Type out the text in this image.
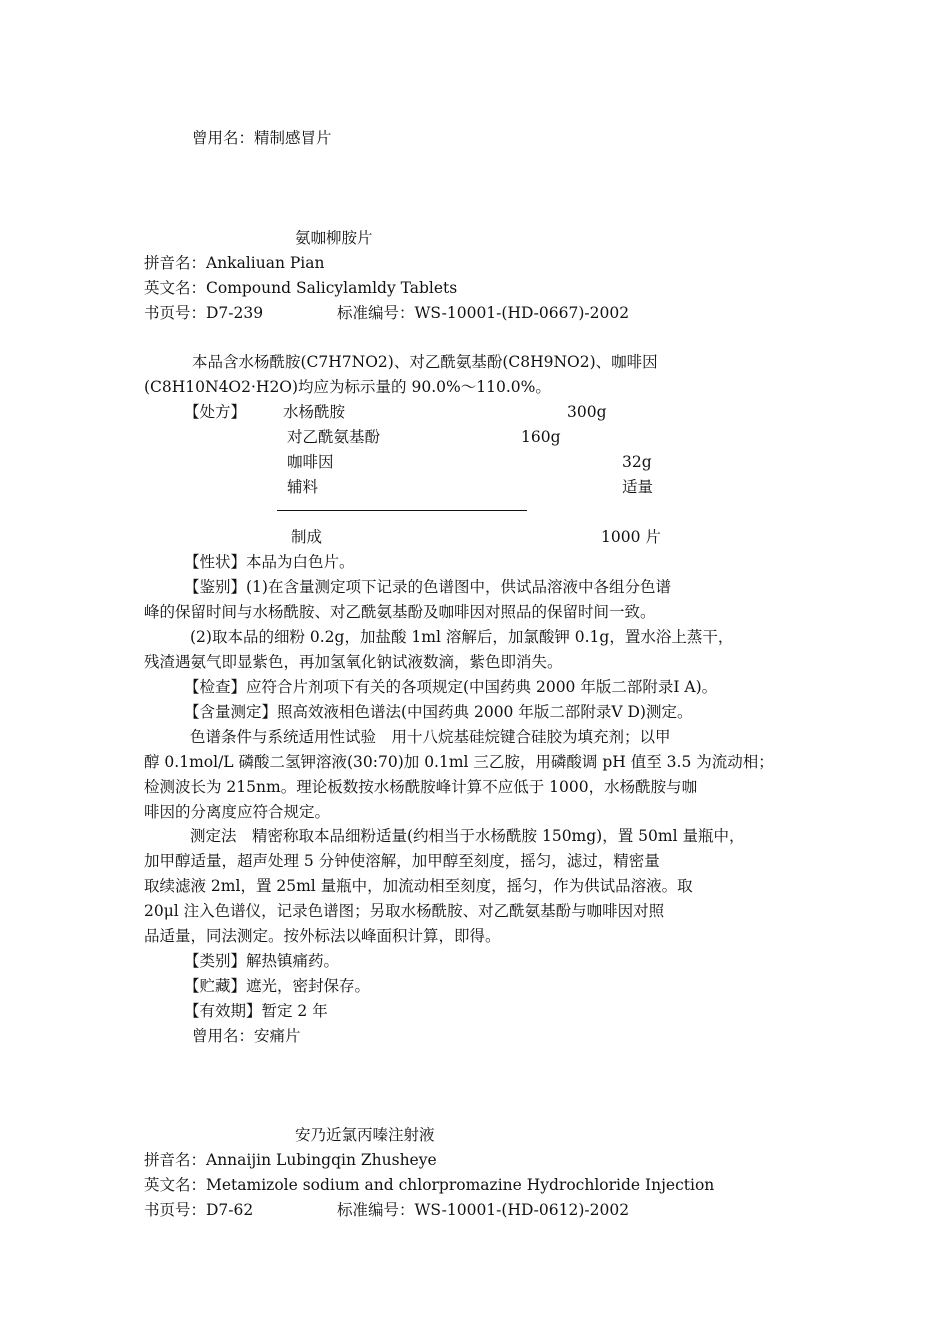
曾用名：精制感冒片
氨咖柳胺片
拼音名：Ankaliuan Pian
英文名：Compound Salicylamldy Tablets
书页号：D7-239	标准编号：WS-10001-(HD-0667)-2002
本品含水杨酰胺(C7H7NO2)、对乙酰氨基酚(C8H9NO2)、咖啡因
(C8H10N4O2·H2O)均应为标示量的 90.0%～110.0%。
【处方】 水杨酰胺	300g
对乙酰氨基酚	160g
咖啡因	32g
辅料	适量
制成	1000 片
【性状】本品为白色片。
【鉴别】(1)在含量测定项下记录的色谱图中，供试品溶液中各组分色谱
峰的保留时间与水杨酰胺、对乙酰氨基酚及咖啡因对照品的保留时间一致。
(2)取本品的细粉 0.2g，加盐酸 1ml 溶解后，加氯酸钾 0.1g，置水浴上蒸干，
残渣遇氨气即显紫色，再加氢氧化钠试液数滴，紫色即消失。
【检查】应符合片剂项下有关的各项规定(中国药典 2000 年版二部附录Ⅰ A)。
【含量测定】照高效液相色谱法(中国药典 2000 年版二部附录Ⅴ D)测定。
色谱条件与系统适用性试验　用十八烷基硅烷键合硅胶为填充剂；以甲
醇 0.1mol/L 磷酸二氢钾溶液(30:70)加 0.1ml 三乙胺，用磷酸调 pH 值至 3.5 为流动相；
检测波长为 215nm。理论板数按水杨酰胺峰计算不应低于 1000，水杨酰胺与咖
啡因的分离度应符合规定。
测定法　精密称取本品细粉适量(约相当于水杨酰胺 150mg)，置 50ml 量瓶中，
加甲醇适量，超声处理 5 分钟使溶解，加甲醇至刻度，摇匀，滤过，精密量
取续滤液 2ml，置 25ml 量瓶中，加流动相至刻度，摇匀，作为供试品溶液。取
20μl 注入色谱仪，记录色谱图；另取水杨酰胺、对乙酰氨基酚与咖啡因对照
品适量，同法测定。按外标法以峰面积计算，即得。
【类别】解热镇痛药。
【贮藏】遮光，密封保存。
【有效期】暂定 2 年
曾用名：安痛片
安乃近氯丙嗪注射液
拼音名：Annaijin Lubingqin Zhusheye
英文名：Metamizole sodium and chlorpromazine Hydrochloride Injection
书页号：D7-62	标准编号：WS-10001-(HD-0612)-2002
